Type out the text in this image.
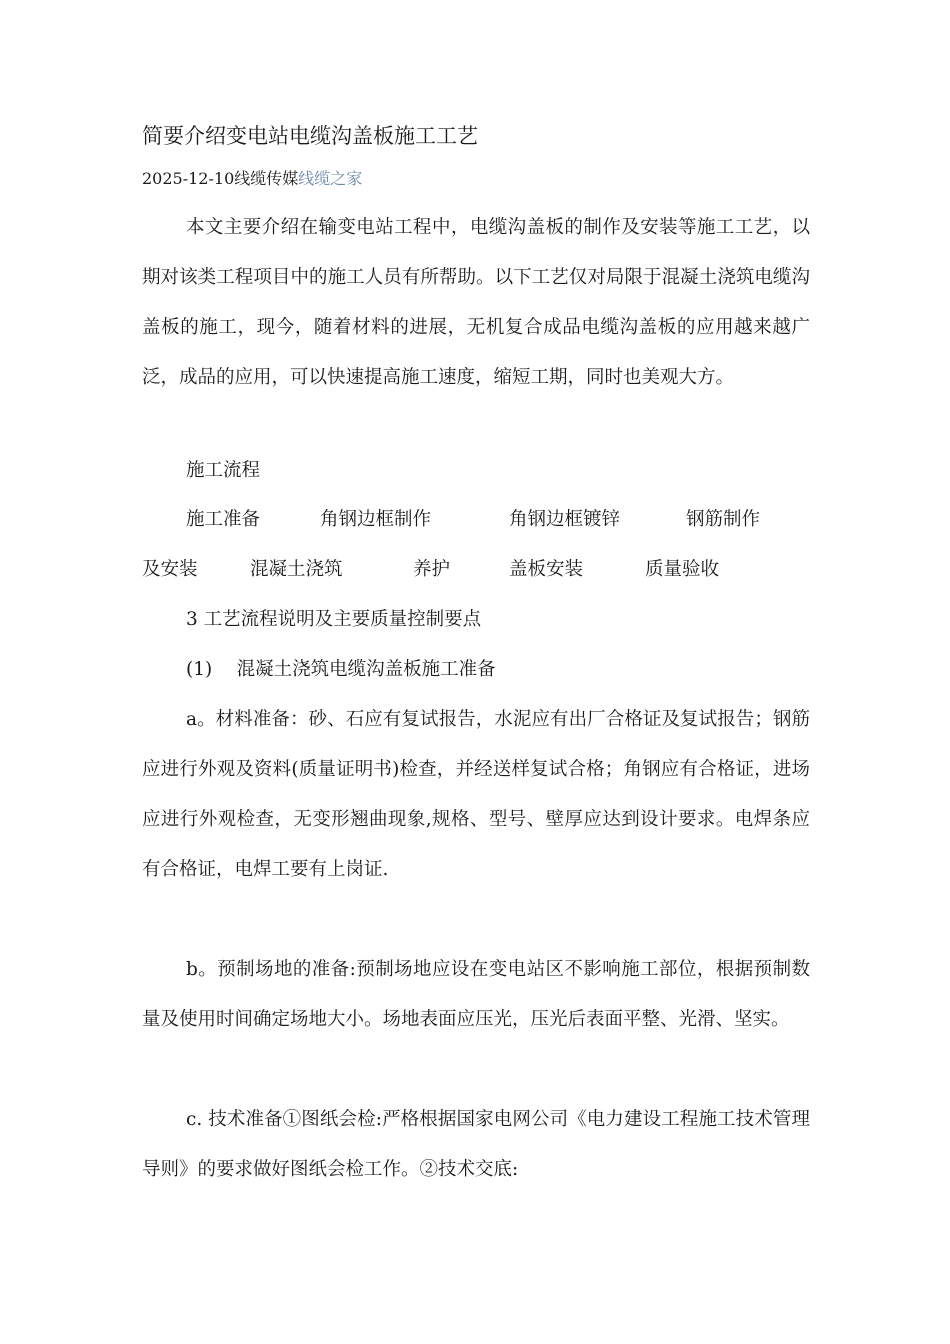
简要介绍变电站电缆沟盖板施工工艺
2025-12-10线缆传媒线缆之家
本文主要介绍在输变电站工程中，电缆沟盖板的制作及安装等施工工艺，以期对该类工程项目中的施工人员有所帮助。以下工艺仅对局限于混凝土浇筑电缆沟盖板的施工，现今，随着材料的进展，无机复合成品电缆沟盖板的应用越来越广泛，成品的应用，可以快速提高施工速度，缩短工期，同时也美观大方。
施工流程
施工准备	角钢边框制作	角钢边框镀锌	钢筋制作
及安装	混凝土浇筑	养护	盖板安装	质量验收
3 工艺流程说明及主要质量控制要点
(1)　 混凝土浇筑电缆沟盖板施工准备
a。材料准备：砂、石应有复试报告，水泥应有出厂合格证及复试报告；钢筋应进行外观及资料(质量证明书)检查，并经送样复试合格；角钢应有合格证，进场应进行外观检查，无变形翘曲现象,规格、型号、壁厚应达到设计要求。电焊条应有合格证，电焊工要有上岗证.
b。预制场地的准备:预制场地应设在变电站区不影响施工部位，根据预制数量及使用时间确定场地大小。场地表面应压光，压光后表面平整、光滑、坚实。
c. 技术准备①图纸会检:严格根据国家电网公司《电力建设工程施工技术管理导则》的要求做好图纸会检工作。②技术交底:
